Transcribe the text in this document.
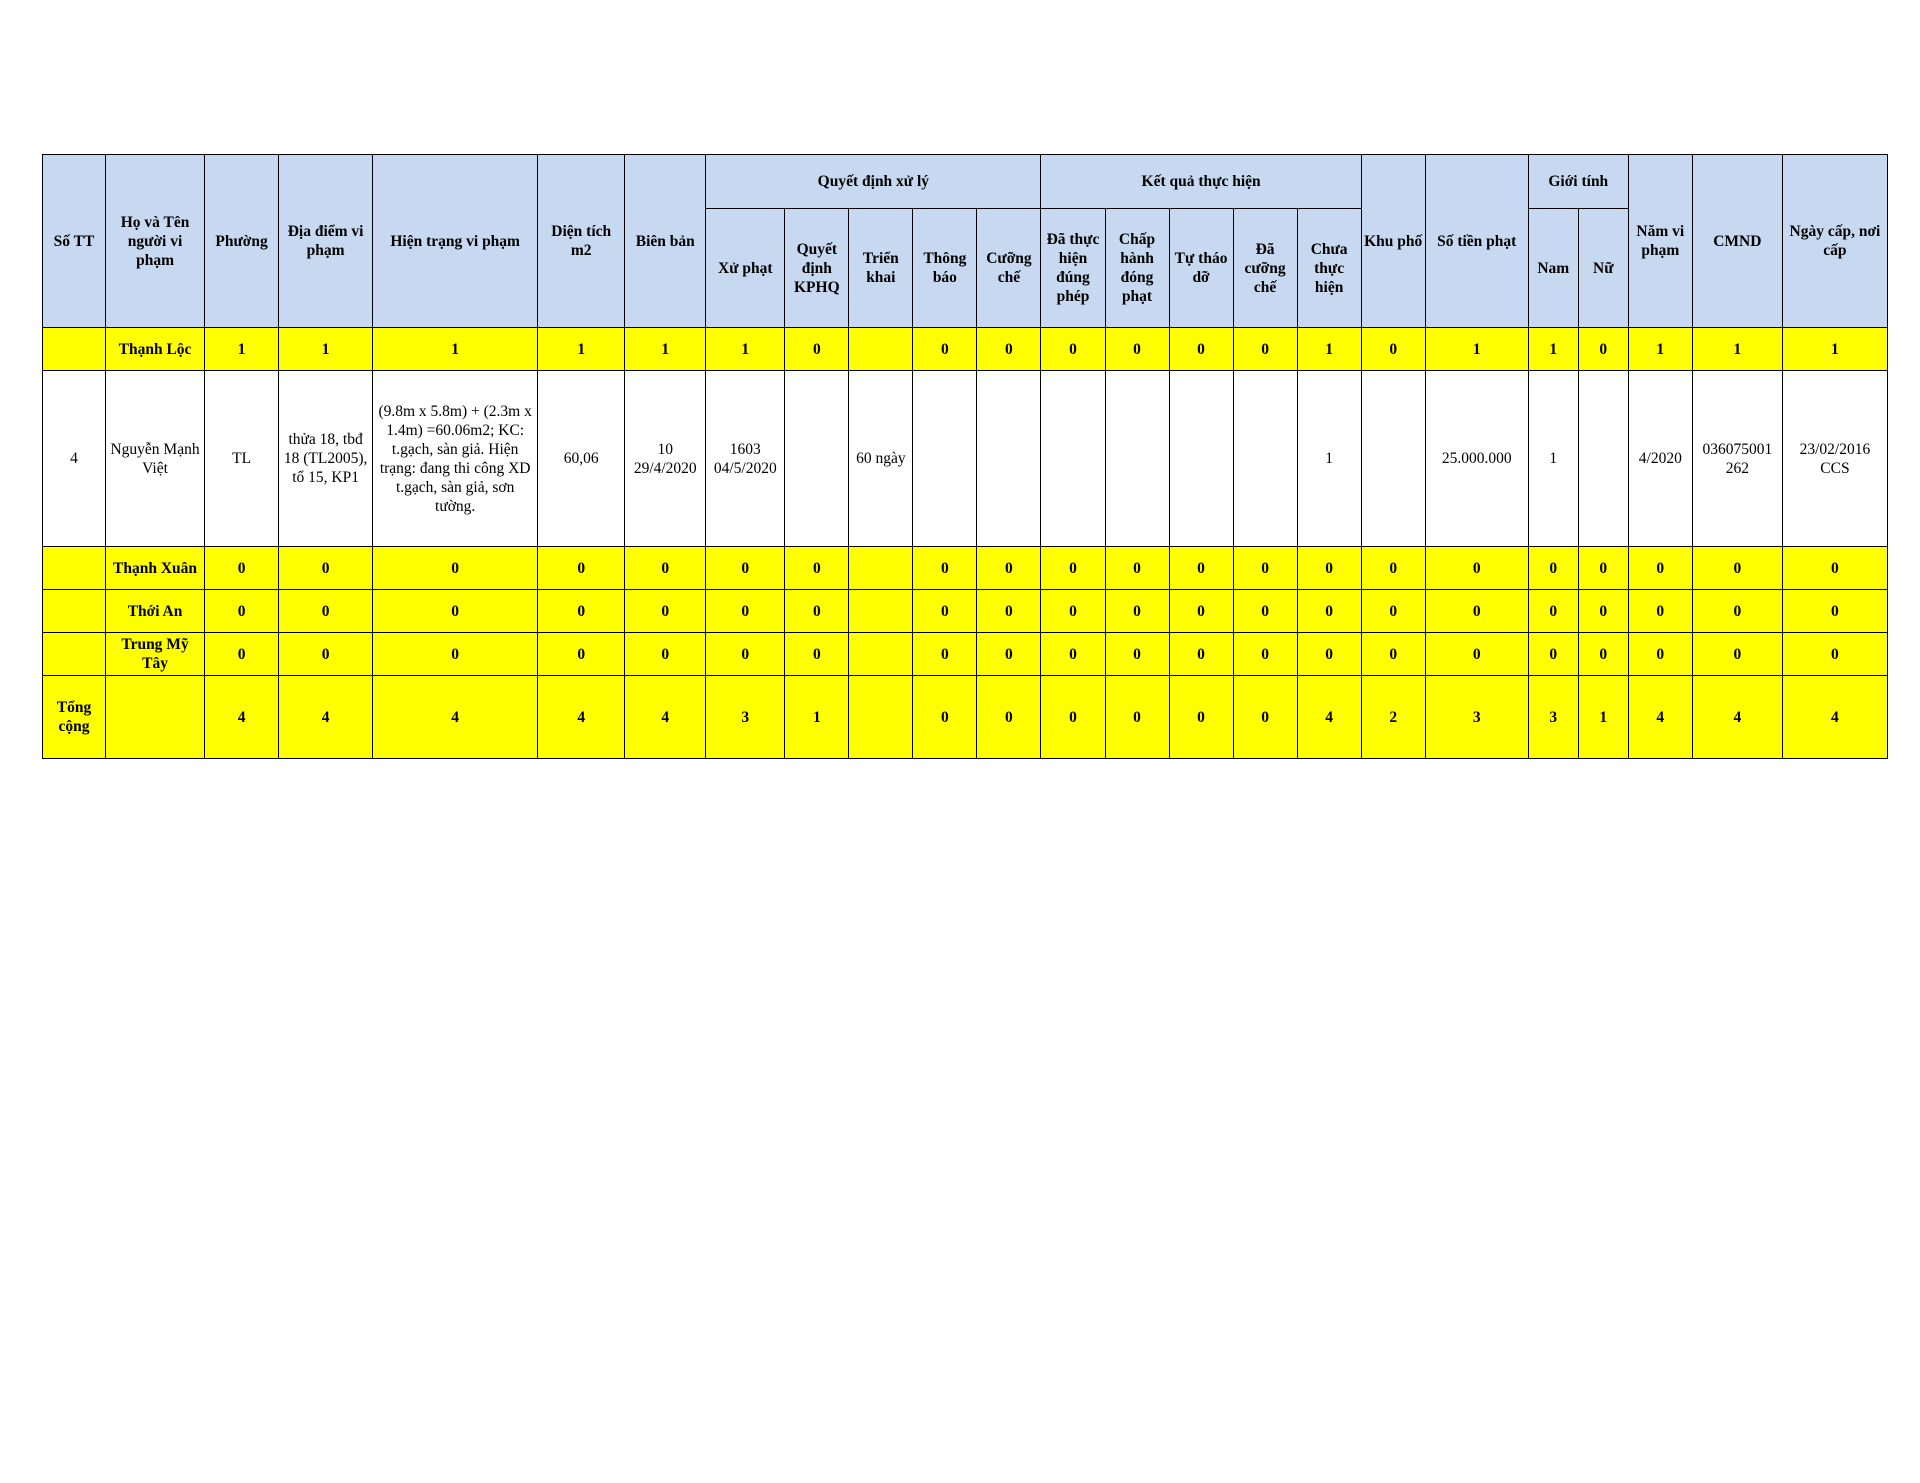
Số TT	Họ và Tên người vi phạm	Phường	Địa điểm vi phạm	Hiện trạng vi phạm	Diện tích m2	Biên bản	Quyết định xử lý					Kết quả thực hiện					Khu phố	Số tiền phạt	Giới tính		Năm vi phạm	CMND	Ngày cấp, nơi cấp
							Xử phạt	Quyết định KPHQ	Triển khai	Thông báo	Cưỡng chế	Đã thực hiện đúng phép	Chấp hành đóng phạt	Tự tháo dỡ	Đã cưỡng chế	Chưa thực hiện			Nam	Nữ			
	Thạnh Lộc	1	1	1	1	1	1	0		0	0	0	0	0	0	1	0	1	1	0	1	1	1
4	Nguyễn Mạnh Việt	TL	thửa 18, tbđ 18 (TL2005), tổ 15, KP1	(9.8m x 5.8m) + (2.3m x 1.4m) =60.06m2; KC: t.gạch, sàn giả. Hiện trạng: đang thi công XD t.gạch, sàn giả, sơn tường.	60,06	10 29/4/2020	1603 04/5/2020		60 ngày							1		25.000.000	1		4/2020	036075001 262	23/02/2016 CCS
	Thạnh Xuân	0	0	0	0	0	0	0		0	0	0	0	0	0	0	0	0	0	0	0	0	0
	Thới An	0	0	0	0	0	0	0		0	0	0	0	0	0	0	0	0	0	0	0	0	0
	Trung Mỹ Tây	0	0	0	0	0	0	0		0	0	0	0	0	0	0	0	0	0	0	0	0	0
Tổng cộng		4	4	4	4	4	3	1		0	0	0	0	0	0	4	2	3	3	1	4	4	4
